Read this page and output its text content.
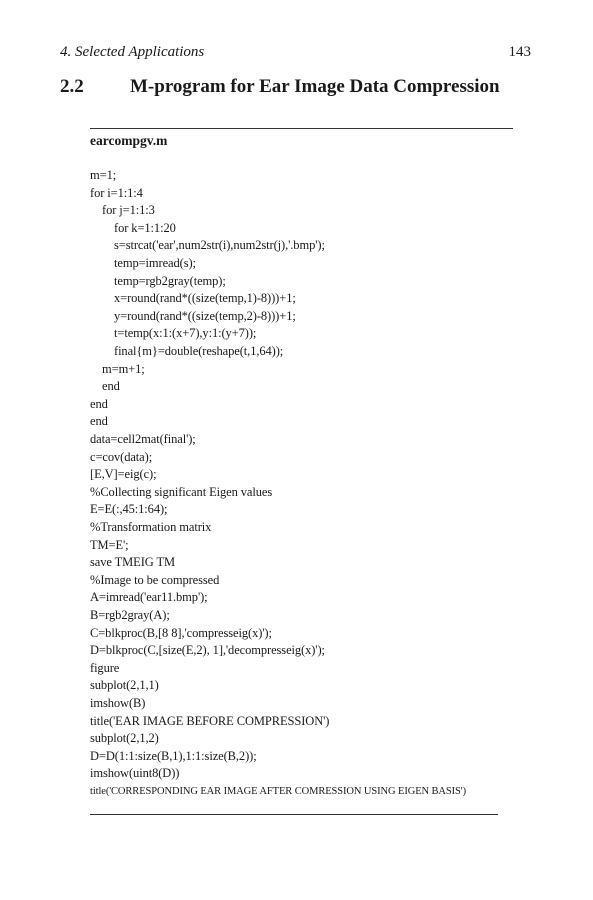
4. Selected Applications	143
2.2 M-program for Ear Image Data Compression
earcompgv.m
m=1;
for i=1:1:4
for j=1:1:3
for k=1:1:20
s=strcat('ear',num2str(i),num2str(j),'.bmp');
temp=imread(s);
temp=rgb2gray(temp);
x=round(rand*((size(temp,1)-8)))+1;
y=round(rand*((size(temp,2)-8)))+1;
t=temp(x:1:(x+7),y:1:(y+7));
final{m}=double(reshape(t,1,64));
m=m+1;
end
end
end
data=cell2mat(final');
c=cov(data);
[E,V]=eig(c);
%Collecting significant Eigen values
E=E(:,45:1:64);
%Transformation matrix
TM=E';
save TMEIG TM
%Image to be compressed
A=imread('ear11.bmp');
B=rgb2gray(A);
C=blkproc(B,[8 8],'compresseig(x)');
D=blkproc(C,[size(E,2), 1],'decompresseig(x)');
figure
subplot(2,1,1)
imshow(B)
title('EAR IMAGE BEFORE COMPRESSION')
subplot(2,1,2)
D=D(1:1:size(B,1),1:1:size(B,2));
imshow(uint8(D))
title('CORRESPONDING EAR IMAGE AFTER COMRESSION USING EIGEN BASIS')
